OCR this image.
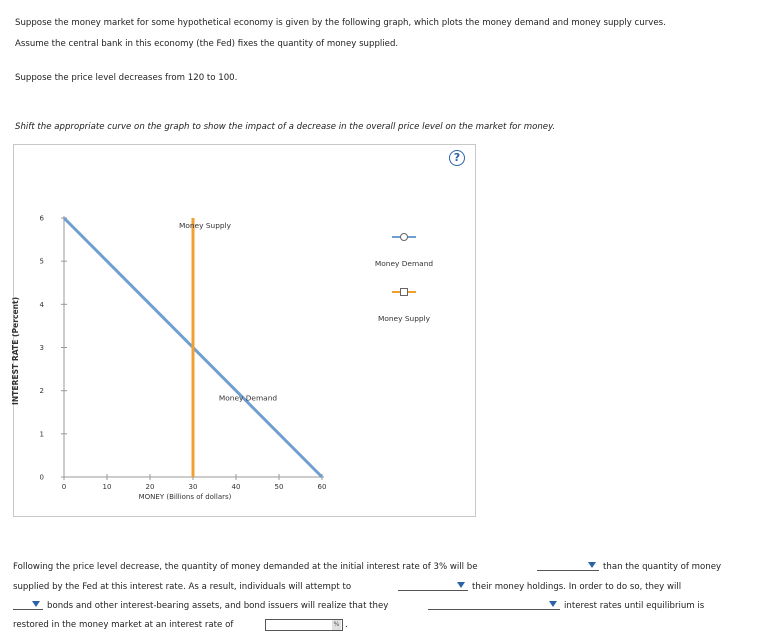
Suppose the money market for some hypothetical economy is given by the following graph, which plots the money demand and money supply curves.
Assume the central bank in this economy (the Fed) fixes the quantity of money supplied.
Suppose the price level decreases from 120 to 100.
Shift the appropriate curve on the graph to show the impact of a decrease in the overall price level on the market for money.
?
0	10	20	30	40	50	60
0
1
2
3
4
5
6
MONEY (Billions of dollars)
Money Supply
Money Demand
Money Demand
Money Supply
INTEREST RATE (Percent)
Following the price level decrease, the quantity of money demanded at the initial interest rate of 3% will be	than the quantity of money
supplied by the Fed at this interest rate. As a result, individuals will attempt to	their money holdings. In order to do so, they will
bonds and other interest-bearing assets, and bond issuers will realize that they	interest rates until equilibrium is
restored in the money market at an interest rate of	% .
